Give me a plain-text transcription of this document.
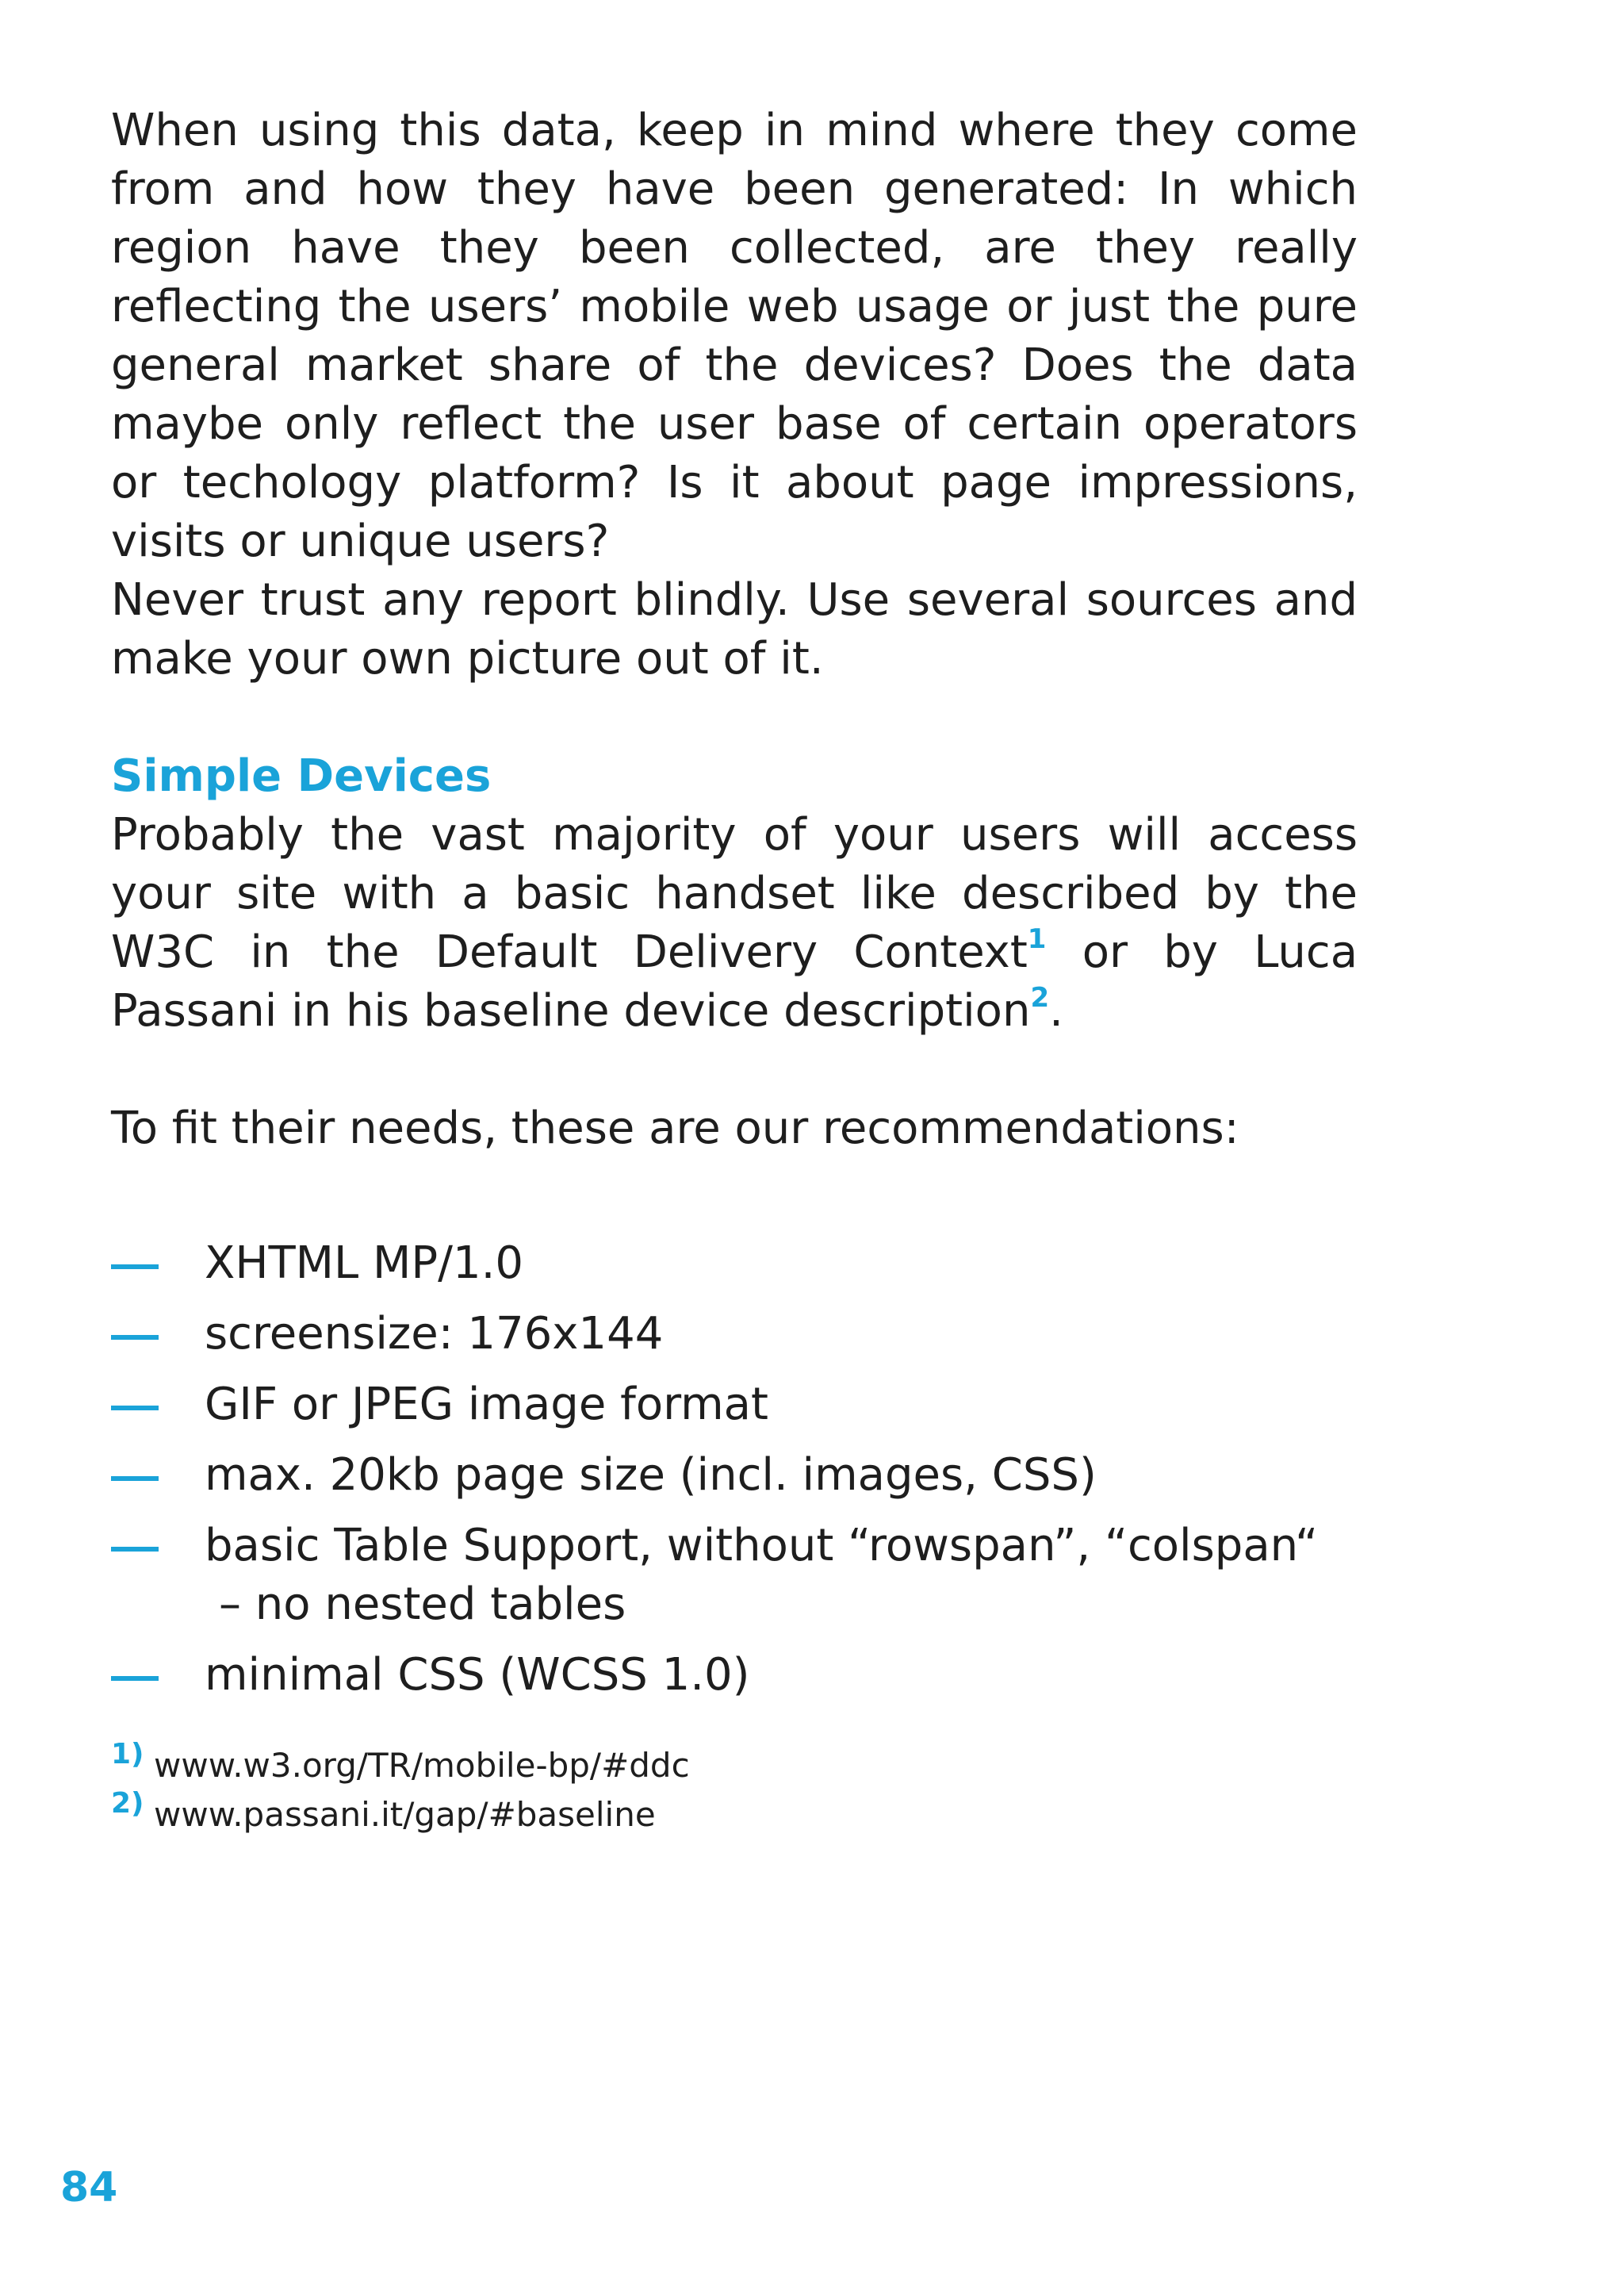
When using this data, keep in mind where they come from and how they have been generated: In which region have they been collected, are they really reflecting the users’ mobile web usage or just the pure general market share of the devices? Does the data maybe only reflect the user base of certain operators or techology platform? Is it about page impressions, visits or unique users?

Never trust any report blindly. Use several sources and make your own picture out of it.

Simple Devices

Probably the vast majority of your users will access your site with a basic handset like described by the W3C in the Default Delivery Context$^1$ or by Luca Passani in his baseline device description$^2$.

To fit their needs, these are our recommendations:

XHTML MP/1.0
screensize: 176x144
GIF or JPEG image format
max. 20kb page size (incl. images, CSS)
basic Table Support, without “rowspan”, “colspan“
– no nested tables
minimal CSS (WCSS 1.0)
1) www.w3.org/TR/mobile-bp/#ddc
2) www.passani.it/gap/#baseline
84
